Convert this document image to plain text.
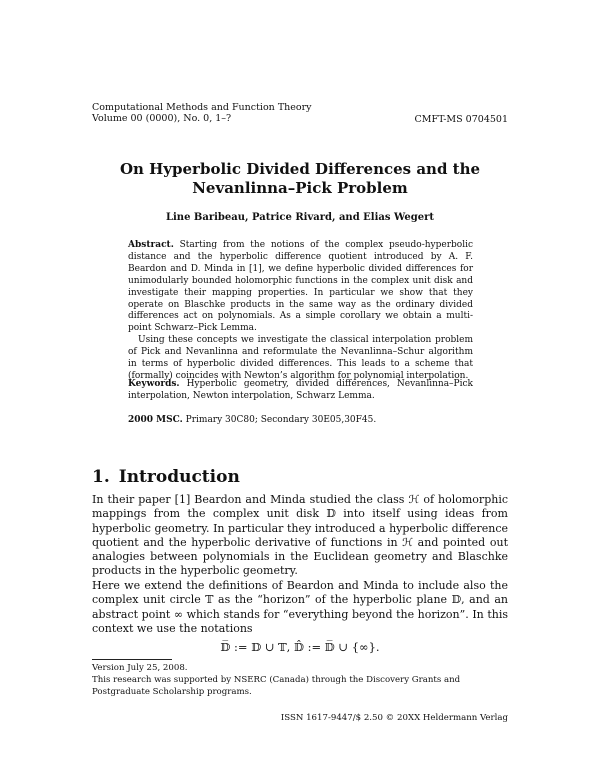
Computational Methods and Function Theory
Volume 00 (0000), No. 0, 1–?	CMFT-MS 0704501
On Hyperbolic Divided Differences and the
Nevanlinna–Pick Problem
Line Baribeau, Patrice Rivard, and Elias Wegert

Abstract. Starting from the notions of the complex pseudo-hyperbolic distance and the hyperbolic difference quotient introduced by A. F. Beardon and D. Minda in [1], we define hyperbolic divided differences for unimodularly bounded holomorphic functions in the complex unit disk and investigate their mapping properties. In particular we show that they operate on Blaschke products in the same way as the ordinary divided differences act on polynomials. As a simple corollary we obtain a multi-point Schwarz–Pick Lemma.

Using these concepts we investigate the classical interpolation problem of Pick and Nevanlinna and reformulate the Nevanlinna–Schur algorithm in terms of hyperbolic divided differences. This leads to a scheme that (formally) coincides with Newton’s algorithm for polynomial interpolation.

Keywords. Hyperbolic geometry, divided differences, Nevanlinna–Pick interpolation, Newton interpolation, Schwarz Lemma.
2000 MSC. Primary 30C80; Secondary 30E05,30F45.
1. Introduction
In their paper [1] Beardon and Minda studied the class ℋ of holomorphic mappings from the complex unit disk 𝔻 into itself using ideas from hyperbolic geometry. In particular they introduced a hyperbolic difference quotient and the hyperbolic derivative of functions in ℋ and pointed out analogies between polynomials in the Euclidean geometry and Blaschke products in the hyperbolic geometry.
Here we extend the definitions of Beardon and Minda to include also the complex unit circle 𝕋 as the “horizon” of the hyperbolic plane 𝔻, and an abstract point ∞ which stands for “everything beyond the horizon”. In this context we use the notations
𝔻̅ := 𝔻 ∪ 𝕋, 𝔻̂ := 𝔻̅ ∪ {∞}.
Version July 25, 2008.
This research was supported by NSERC (Canada) through the Discovery Grants and Postgraduate Scholarship programs.
ISSN 1617-9447/$ 2.50 © 20XX Heldermann Verlag
